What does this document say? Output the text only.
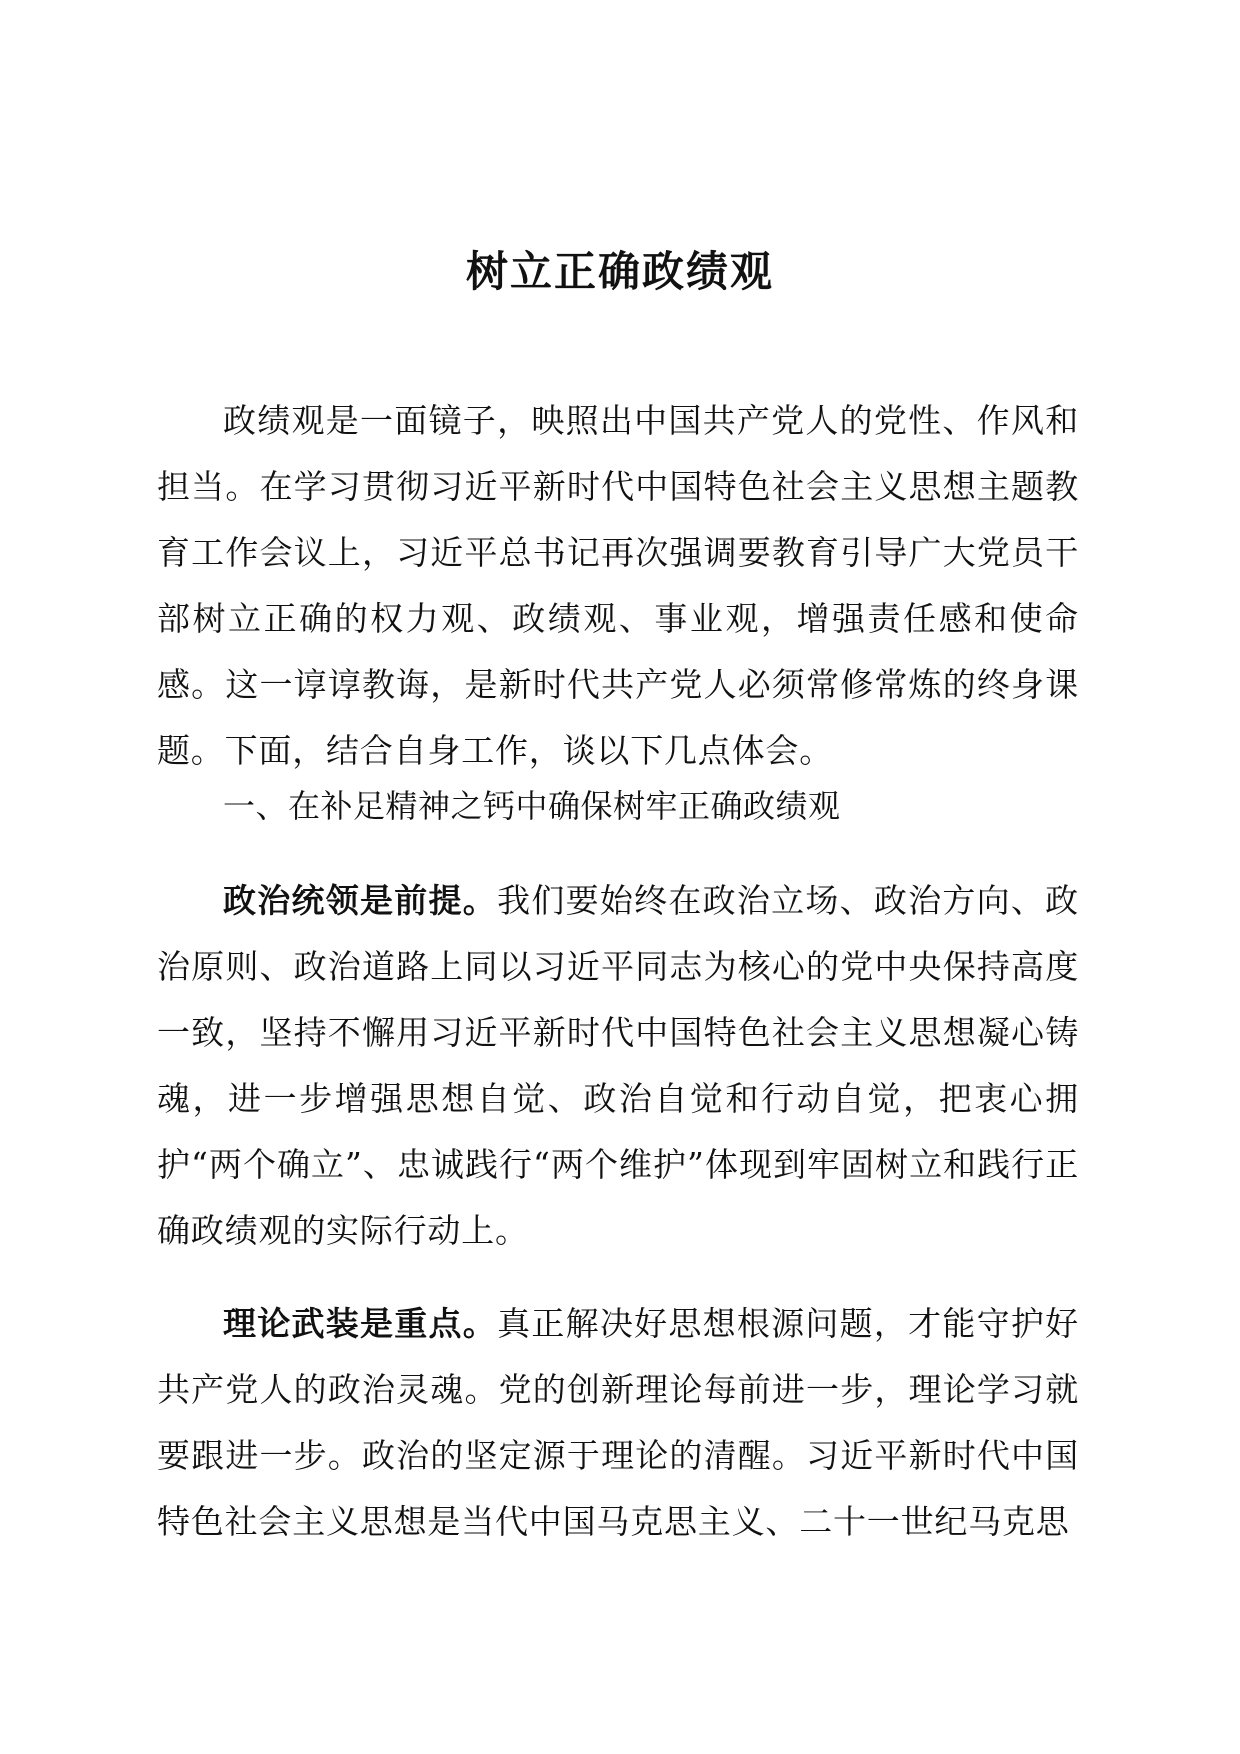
树立正确政绩观

政绩观是一面镜子，映照出中国共产党人的党性、作风和担当。在学习贯彻习近平新时代中国特色社会主义思想主题教育工作会议上，习近平总书记再次强调要教育引导广大党员干部树立正确的权力观、政绩观、事业观，增强责任感和使命感。这一谆谆教诲，是新时代共产党人必须常修常炼的终身课题。下面，结合自身工作，谈以下几点体会。

一、在补足精神之钙中确保树牢正确政绩观

政治统领是前提。我们要始终在政治立场、政治方向、政治原则、政治道路上同以习近平同志为核心的党中央保持高度一致，坚持不懈用习近平新时代中国特色社会主义思想凝心铸魂，进一步增强思想自觉、政治自觉和行动自觉，把衷心拥护“两个确立”、忠诚践行“两个维护”体现到牢固树立和践行正确政绩观的实际行动上。

理论武装是重点。真正解决好思想根源问题，才能守护好共产党人的政治灵魂。党的创新理论每前进一步，理论学习就要跟进一步。政治的坚定源于理论的清醒。习近平新时代中国特色社会主义思想是当代中国马克思主义、二十一世纪马克思
